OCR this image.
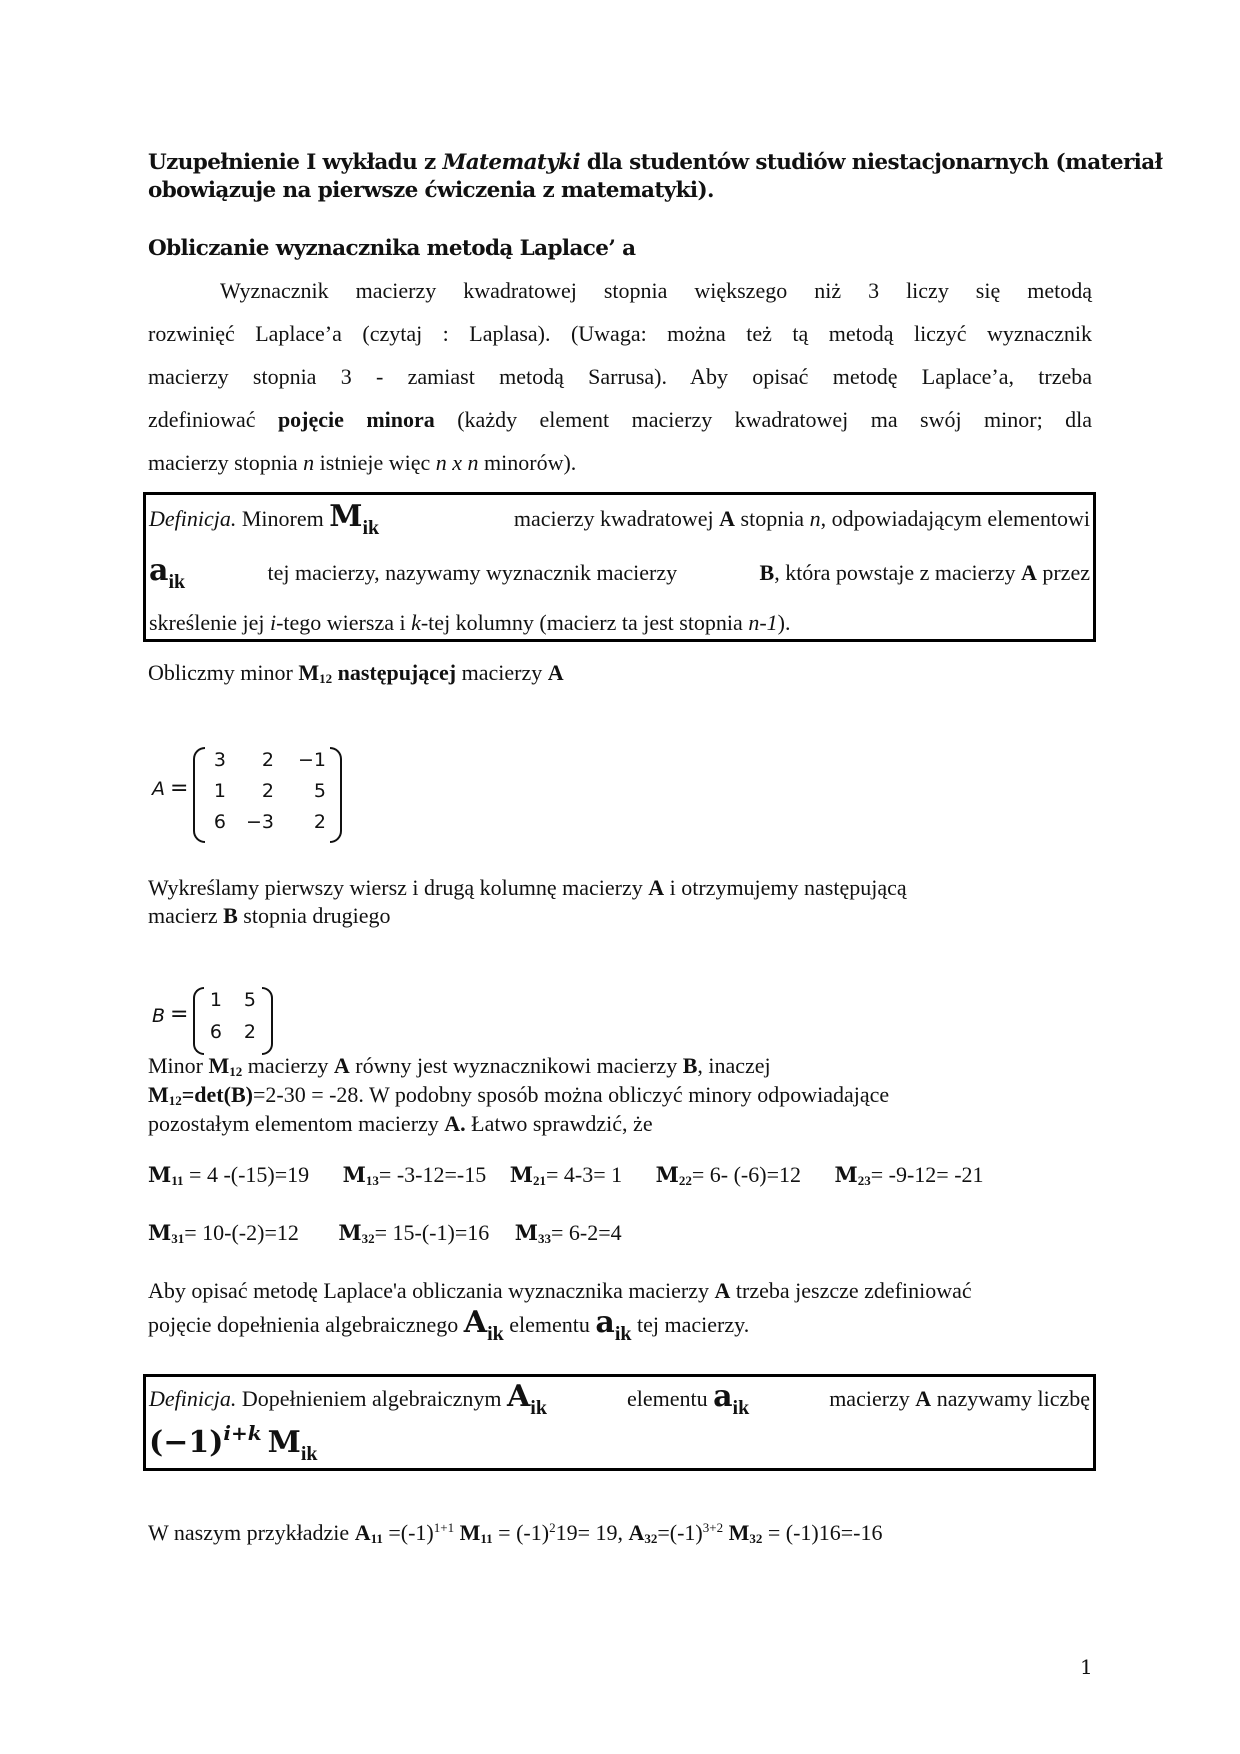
Uzupełnienie I wykładu z Matematyki dla studentów studiów niestacjonarnych (materiał
obowiązuje na pierwsze ćwiczenia z matematyki).
Obliczanie wyznacznika metodą Laplace’ a
Wyznacznik macierzy kwadratowej stopnia większego niż 3 liczy się metodą
rozwinięć Laplace’a (czytaj : Laplasa). (Uwaga: można też tą metodą liczyć wyznacznik
macierzy stopnia 3 - zamiast metodą Sarrusa). Aby opisać metodę Laplace’a, trzeba
zdefiniować pojęcie minora (każdy element macierzy kwadratowej ma swój minor; dla
macierzy stopnia n istnieje więc n x n minorów).
Definicja. Minorem Mik	macierzy kwadratowej A stopnia n, odpowiadającym elementowi
aik	tej macierzy, nazywamy wyznacznik macierzy	B, która powstaje z macierzy A przez
skreślenie jej i-tego wiersza i k-tej kolumny (macierz ta jest stopnia n-1).
Obliczmy minor $M_{12}$ następującej macierzy A
A =
3	2	−1
1	2	5
6	−3	2
Wykreślamy pierwszy wiersz i drugą kolumnę macierzy A i otrzymujemy następującą
macierz B stopnia drugiego
B =
1	5
6	2
Minor $M_{12}$ macierzy A równy jest wyznacznikowi macierzy B, inaczej
$M_{12}=\det(B)=2-30 = -28$. W podobny sposób można obliczyć minory odpowiadające
pozostałym elementom macierzy A. Łatwo sprawdzić, że
$M_{11} = 4$ -(-15)=19 $M_{13}= -3-12=-15$ $M_{21}= 4-3= 1$ $M_{22}= 6-$ (-6)=12 $M_{23}= -9-12= -21$
$M_{31}= 10-(-2)=12$ $M_{32}= 15-(-1)=16$ $M_{33}= 6-2=4$
Aby opisać metodę Laplace'a obliczania wyznacznika macierzy A trzeba jeszcze zdefiniować
pojęcie dopełnienia algebraicznego Aik elementu aik tej macierzy.
Definicja. Dopełnieniem algebraicznym Aik	elementu aik	macierzy A nazywamy liczbę
$(-1)^{i+k}$ Mik
W naszym przykładzie $A_{11} =(-1)^{1+1}$ $M_{11} = (-1)^219= 19$, $A_{32}=(-1)^{3+2}$ $M_{32} = (-1)16=-16$
1
